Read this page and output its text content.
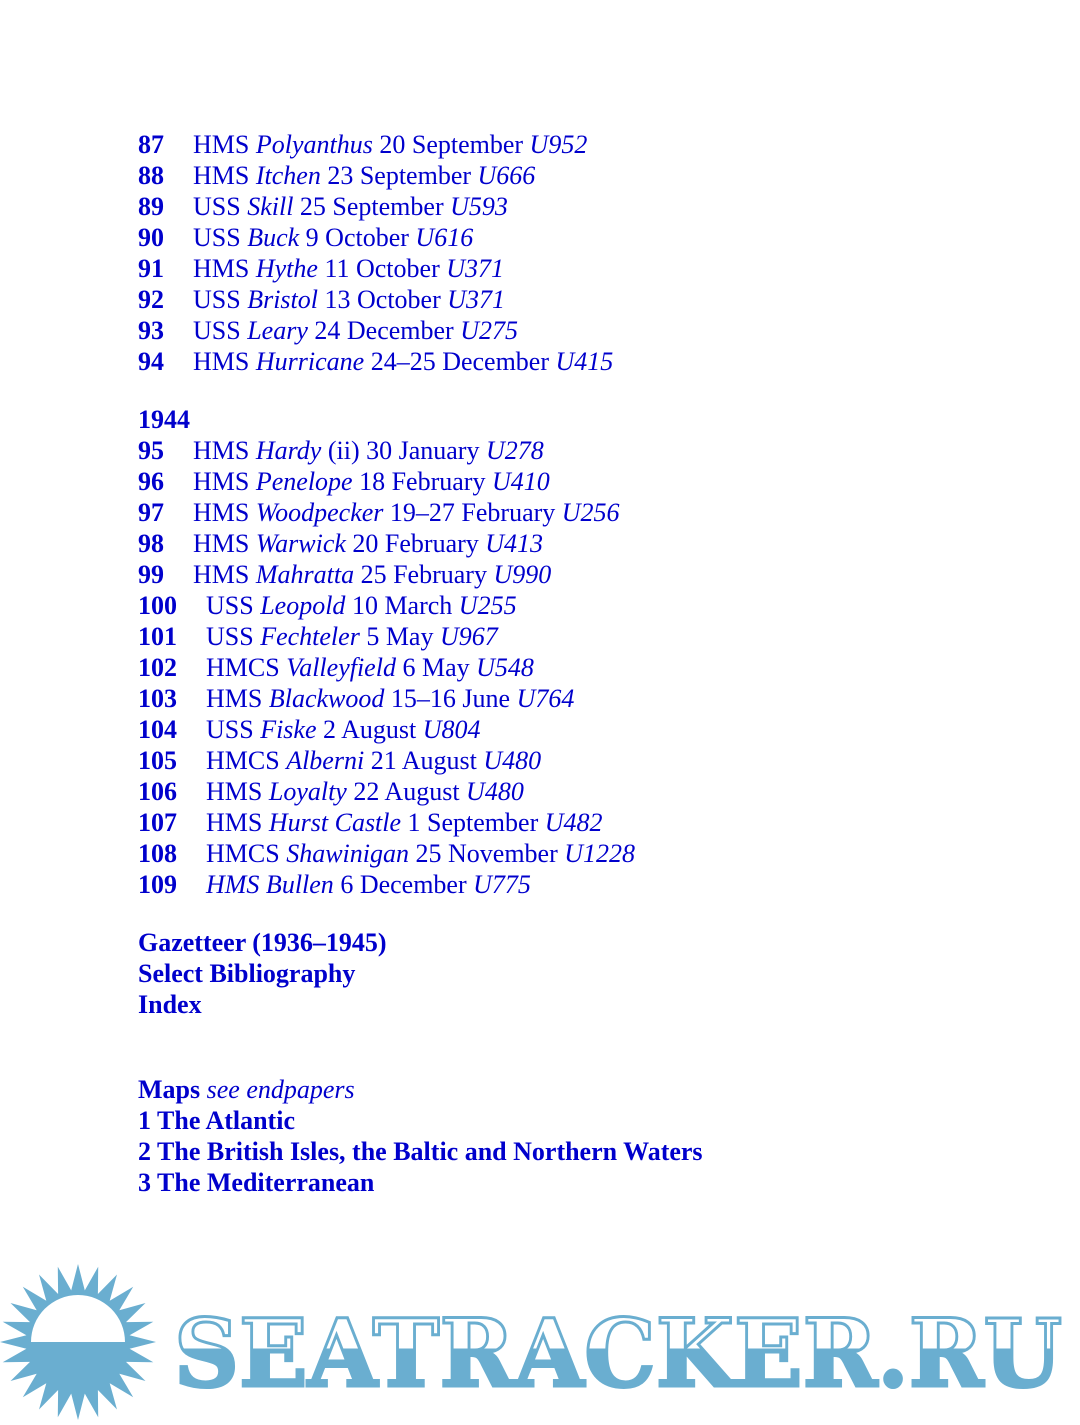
87 HMS Polyanthus 20 September U952
88 HMS Itchen 23 September U666
89 USS Skill 25 September U593
90 USS Buck 9 October U616
91 HMS Hythe 11 October U371
92 USS Bristol 13 October U371
93 USS Leary 24 December U275
94 HMS Hurricane 24–25 December U415
1944
95 HMS Hardy (ii) 30 January U278
96 HMS Penelope 18 February U410
97 HMS Woodpecker 19–27 February U256
98 HMS Warwick 20 February U413
99 HMS Mahratta 25 February U990
100 USS Leopold 10 March U255
101 USS Fechteler 5 May U967
102 HMCS Valleyfield 6 May U548
103 HMS Blackwood 15–16 June U764
104 USS Fiske 2 August U804
105 HMCS Alberni 21 August U480
106 HMS Loyalty 22 August U480
107 HMS Hurst Castle 1 September U482
108 HMCS Shawinigan 25 November U1228
109 HMS Bullen 6 December U775
Gazetteer (1936–1945)
Select Bibliography
Index
Maps see endpapers
1 The Atlantic
2 The British Isles, the Baltic and Northern Waters
3 The Mediterranean
SEATRACKER.RU
